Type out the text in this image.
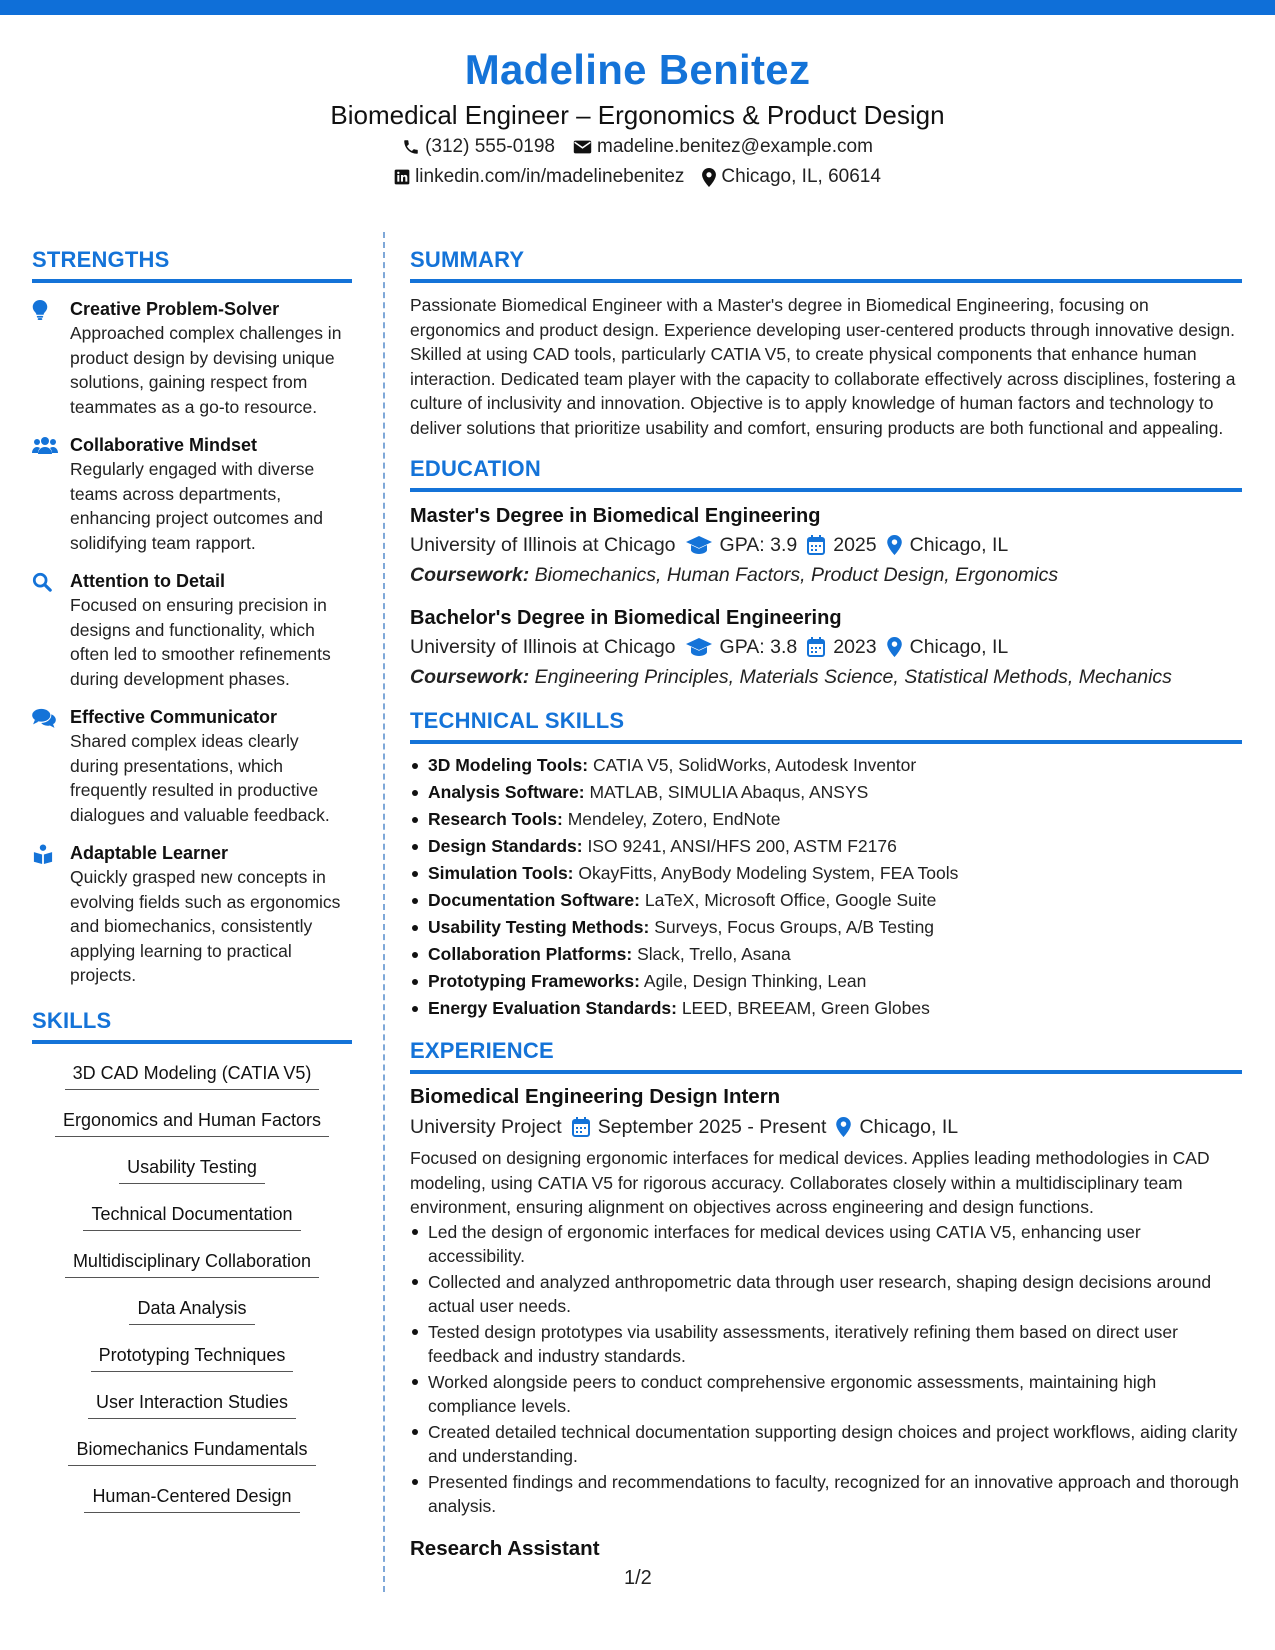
Madeline Benitez
Biomedical Engineer – Ergonomics & Product Design
(312) 555-0198 madeline.benitez@example.com
linkedin.com/in/madelinebenitez Chicago, IL, 60614
STRENGTHS
Creative Problem-Solver
Approached complex challenges in product design by devising unique solutions, gaining respect from teammates as a go-to resource.
Collaborative Mindset
Regularly engaged with diverse teams across departments, enhancing project outcomes and solidifying team rapport.
Attention to Detail
Focused on ensuring precision in designs and functionality, which often led to smoother refinements during development phases.
Effective Communicator
Shared complex ideas clearly during presentations, which frequently resulted in productive dialogues and valuable feedback.
Adaptable Learner
Quickly grasped new concepts in evolving fields such as ergonomics and biomechanics, consistently applying learning to practical projects.
SKILLS
3D CAD Modeling (CATIA V5)
Ergonomics and Human Factors
Usability Testing
Technical Documentation
Multidisciplinary Collaboration
Data Analysis
Prototyping Techniques
User Interaction Studies
Biomechanics Fundamentals
Human-Centered Design
SUMMARY
Passionate Biomedical Engineer with a Master's degree in Biomedical Engineering, focusing on ergonomics and product design. Experience developing user-centered products through innovative design. Skilled at using CAD tools, particularly CATIA V5, to create physical components that enhance human interaction. Dedicated team player with the capacity to collaborate effectively across disciplines, fostering a culture of inclusivity and innovation. Objective is to apply knowledge of human factors and technology to deliver solutions that prioritize usability and comfort, ensuring products are both functional and appealing.
EDUCATION
Master's Degree in Biomedical Engineering
University of Illinois at Chicago GPA: 3.9 2025 Chicago, IL
Coursework: Biomechanics, Human Factors, Product Design, Ergonomics
Bachelor's Degree in Biomedical Engineering
University of Illinois at Chicago GPA: 3.8 2023 Chicago, IL
Coursework: Engineering Principles, Materials Science, Statistical Methods, Mechanics
TECHNICAL SKILLS
3D Modeling Tools: CATIA V5, SolidWorks, Autodesk Inventor
Analysis Software: MATLAB, SIMULIA Abaqus, ANSYS
Research Tools: Mendeley, Zotero, EndNote
Design Standards: ISO 9241, ANSI/HFS 200, ASTM F2176
Simulation Tools: OkayFitts, AnyBody Modeling System, FEA Tools
Documentation Software: LaTeX, Microsoft Office, Google Suite
Usability Testing Methods: Surveys, Focus Groups, A/B Testing
Collaboration Platforms: Slack, Trello, Asana
Prototyping Frameworks: Agile, Design Thinking, Lean
Energy Evaluation Standards: LEED, BREEAM, Green Globes
EXPERIENCE
Biomedical Engineering Design Intern
University Project September 2025 - Present Chicago, IL
Focused on designing ergonomic interfaces for medical devices. Applies leading methodologies in CAD modeling, using CATIA V5 for rigorous accuracy. Collaborates closely within a multidisciplinary team environment, ensuring alignment on objectives across engineering and design functions.
Led the design of ergonomic interfaces for medical devices using CATIA V5, enhancing user accessibility.
Collected and analyzed anthropometric data through user research, shaping design decisions around actual user needs.
Tested design prototypes via usability assessments, iteratively refining them based on direct user feedback and industry standards.
Worked alongside peers to conduct comprehensive ergonomic assessments, maintaining high compliance levels.
Created detailed technical documentation supporting design choices and project workflows, aiding clarity and understanding.
Presented findings and recommendations to faculty, recognized for an innovative approach and thorough analysis.
Research Assistant
1/2
